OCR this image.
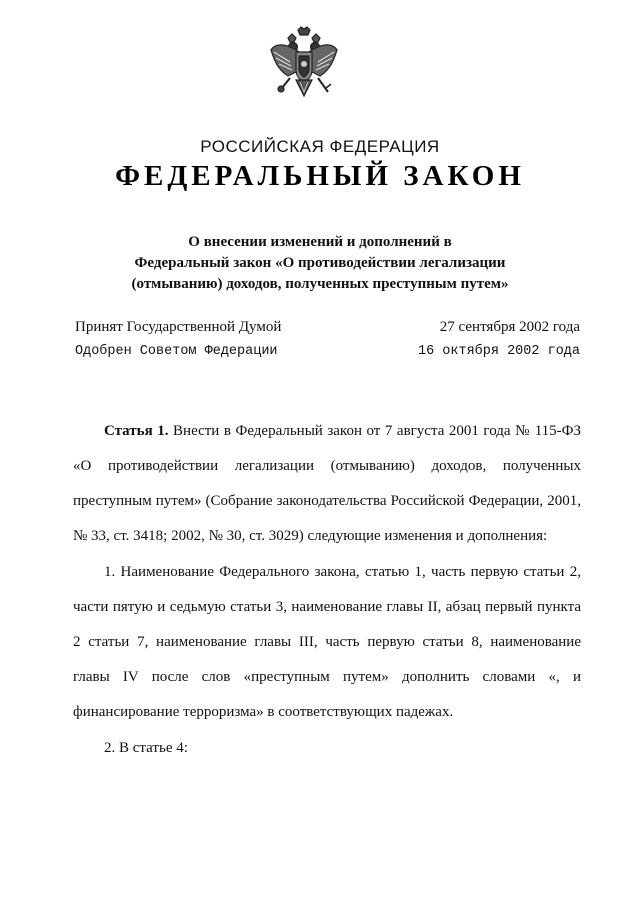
РОССИЙСКАЯ ФЕДЕРАЦИЯ
ФЕДЕРАЛЬНЫЙ ЗАКОН
О внесении изменений и дополнений в
Федеральный закон «О противодействии легализации
(отмыванию) доходов, полученных преступным путем»
Принят Государственной Думой	27 сентября 2002 года
Одобрен Советом Федерации	16 октября 2002 года

Статья 1. Внести в Федеральный закон от 7 августа 2001 года № 115-ФЗ «О противодействии легализации (отмыванию) доходов, полученных преступным путем» (Собрание законодательства Российской Федерации, 2001, № 33, ст. 3418; 2002, № 30, ст. 3029) следующие изменения и дополнения:

1. Наименование Федерального закона, статью 1, часть первую статьи 2, части пятую и седьмую статьи 3, наименование главы II, абзац первый пункта 2 статьи 7, наименование главы III, часть первую статьи 8, наименование главы IV после слов «преступным путем» дополнить словами «, и финансирование терроризма» в соответствующих падежах.

2. В статье 4:
